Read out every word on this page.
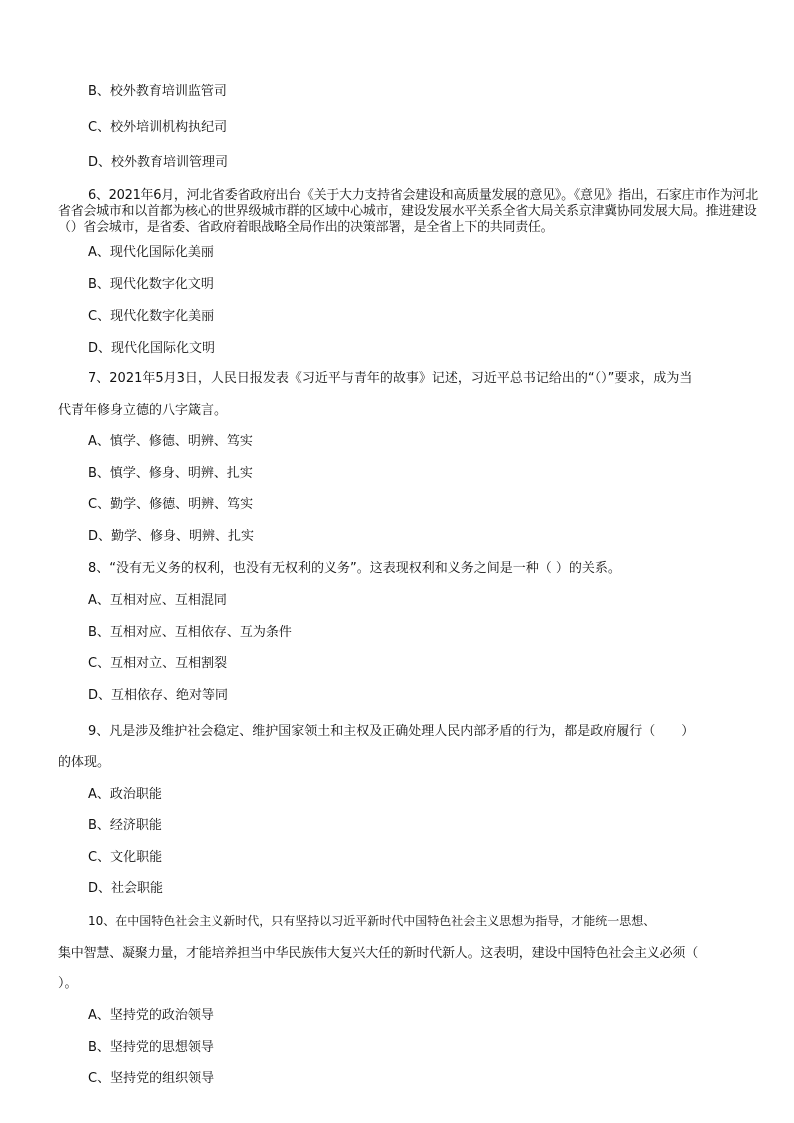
B、校外教育培训监管司
C、校外培训机构执纪司
D、校外教育培训管理司
6、2021年6月，河北省委省政府出台《关于大力支持省会建设和高质量发展的意见》。《意见》指出，石家庄市作为河北省省会城市和以首都为核心的世界级城市群的区域中心城市，建设发展水平关系全省大局关系京津冀协同发展大局。推进建设（）省会城市，是省委、省政府着眼战略全局作出的决策部署，是全省上下的共同责任。
A、现代化国际化美丽
B、现代化数字化文明
C、现代化数字化美丽
D、现代化国际化文明
7、2021年5月3日，人民日报发表《习近平与青年的故事》记述，习近平总书记给出的“（）”要求，成为当
代青年修身立德的八字箴言。
A、慎学、修德、明辨、笃实
B、慎学、修身、明辨、扎实
C、勤学、修德、明辨、笃实
D、勤学、修身、明辨、扎实
8、“没有无义务的权利，也没有无权利的义务”。这表现权利和义务之间是一种（ ）的关系。
A、互相对应、互相混同
B、互相对应、互相依存、互为条件
C、互相对立、互相割裂
D、互相依存、绝对等同
9、凡是涉及维护社会稳定、维护国家领土和主权及正确处理人民内部矛盾的行为，都是政府履行（　　）
的体现。
A、政治职能
B、经济职能
C、文化职能
D、社会职能
10、在中国特色社会主义新时代，只有坚持以习近平新时代中国特色社会主义思想为指导，才能统一思想、
集中智慧、凝聚力量，才能培养担当中华民族伟大复兴大任的新时代新人。这表明，建设中国特色社会主义必须（
）。
A、坚持党的政治领导
B、坚持党的思想领导
C、坚持党的组织领导
